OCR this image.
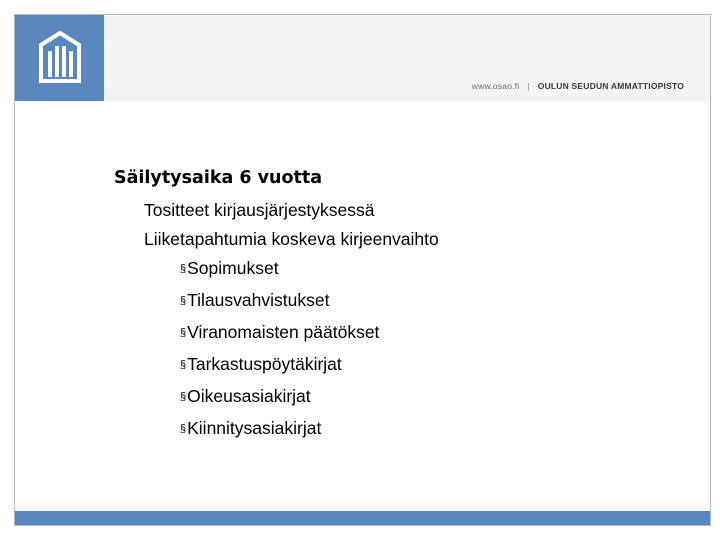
www.osao.fi | OULUN SEUDUN AMMATTIOPISTO
Säilytysaika 6 vuotta
Tositteet kirjausjärjestyksessä
Liiketapahtumia koskeva kirjeenvaihto
§Sopimukset
§Tilausvahvistukset
§Viranomaisten päätökset
§Tarkastuspöytäkirjat
§Oikeusasiakirjat
§Kiinnitysasiakirjat
